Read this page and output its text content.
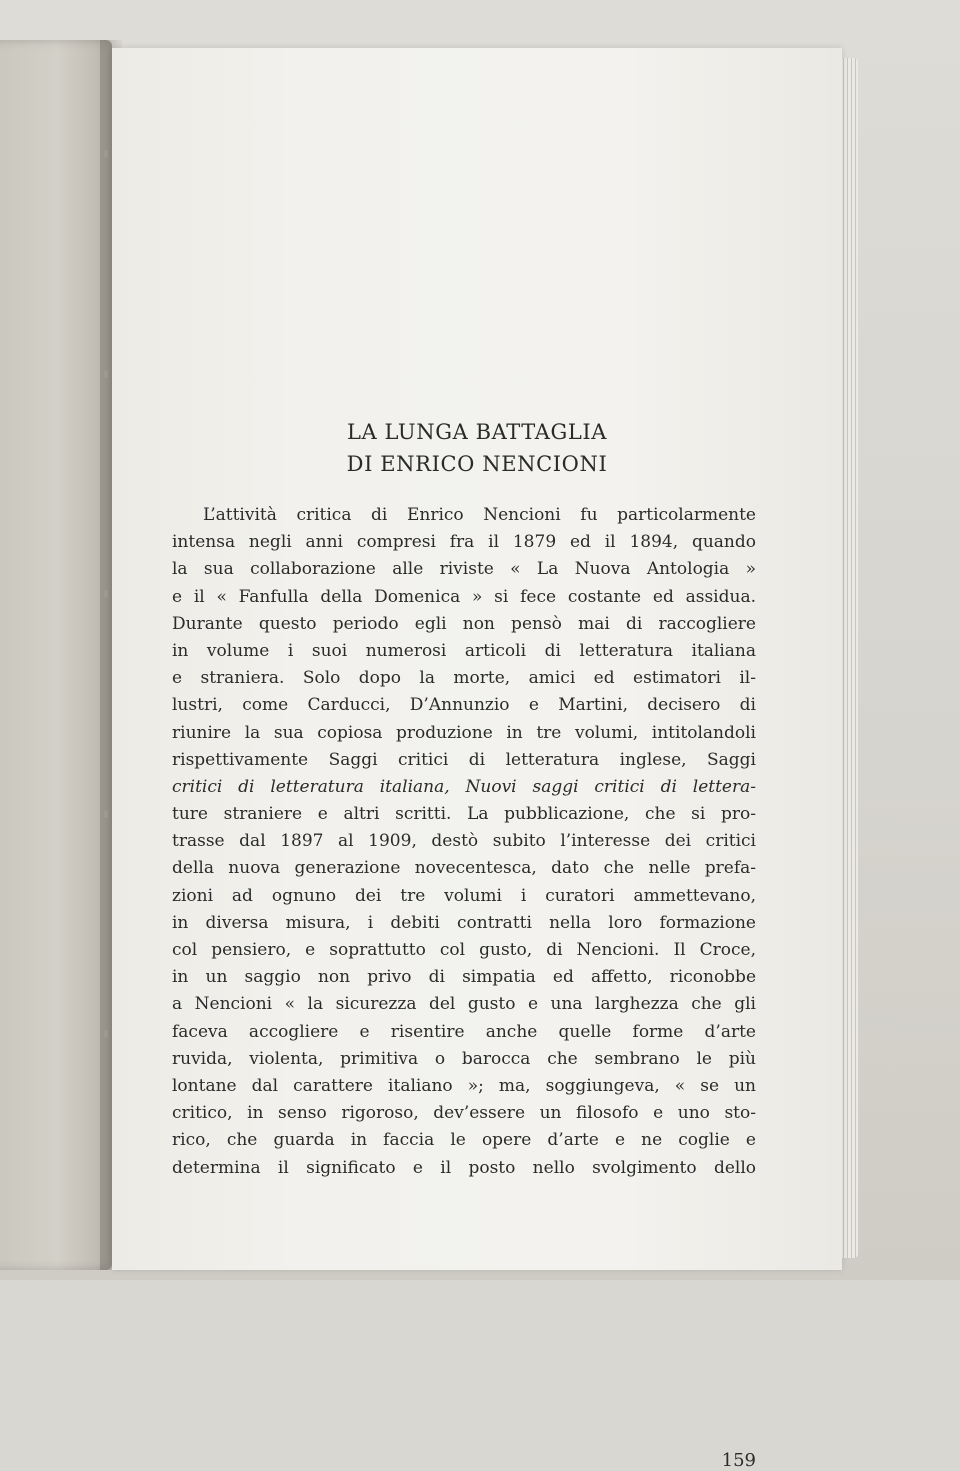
LA LUNGA BATTAGLIA
DI ENRICO NENCIONI
L’attività critica di Enrico Nencioni fu particolarmente
intensa negli anni compresi fra il 1879 ed il 1894, quando
la sua collaborazione alle riviste « La Nuova Antologia »
e il « Fanfulla della Domenica » si fece costante ed assidua.
Durante questo periodo egli non pensò mai di raccogliere
in volume i suoi numerosi articoli di letteratura italiana
e straniera. Solo dopo la morte, amici ed estimatori il-
lustri, come Carducci, D’Annunzio e Martini, decisero di
riunire la sua copiosa produzione in tre volumi, intitolandoli
rispettivamente Saggi critici di letteratura inglese, Saggi
critici di letteratura italiana, Nuovi saggi critici di lettera-
ture straniere e altri scritti. La pubblicazione, che si pro-
trasse dal 1897 al 1909, destò subito l’interesse dei critici
della nuova generazione novecentesca, dato che nelle prefa-
zioni ad ognuno dei tre volumi i curatori ammettevano,
in diversa misura, i debiti contratti nella loro formazione
col pensiero, e soprattutto col gusto, di Nencioni. Il Croce,
in un saggio non privo di simpatia ed affetto, riconobbe
a Nencioni « la sicurezza del gusto e una larghezza che gli
faceva accogliere e risentire anche quelle forme d’arte
ruvida, violenta, primitiva o barocca che sembrano le più
lontane dal carattere italiano »; ma, soggiungeva, « se un
critico, in senso rigoroso, dev’essere un filosofo e uno sto-
rico, che guarda in faccia le opere d’arte e ne coglie e
determina il significato e il posto nello svolgimento dello
159
